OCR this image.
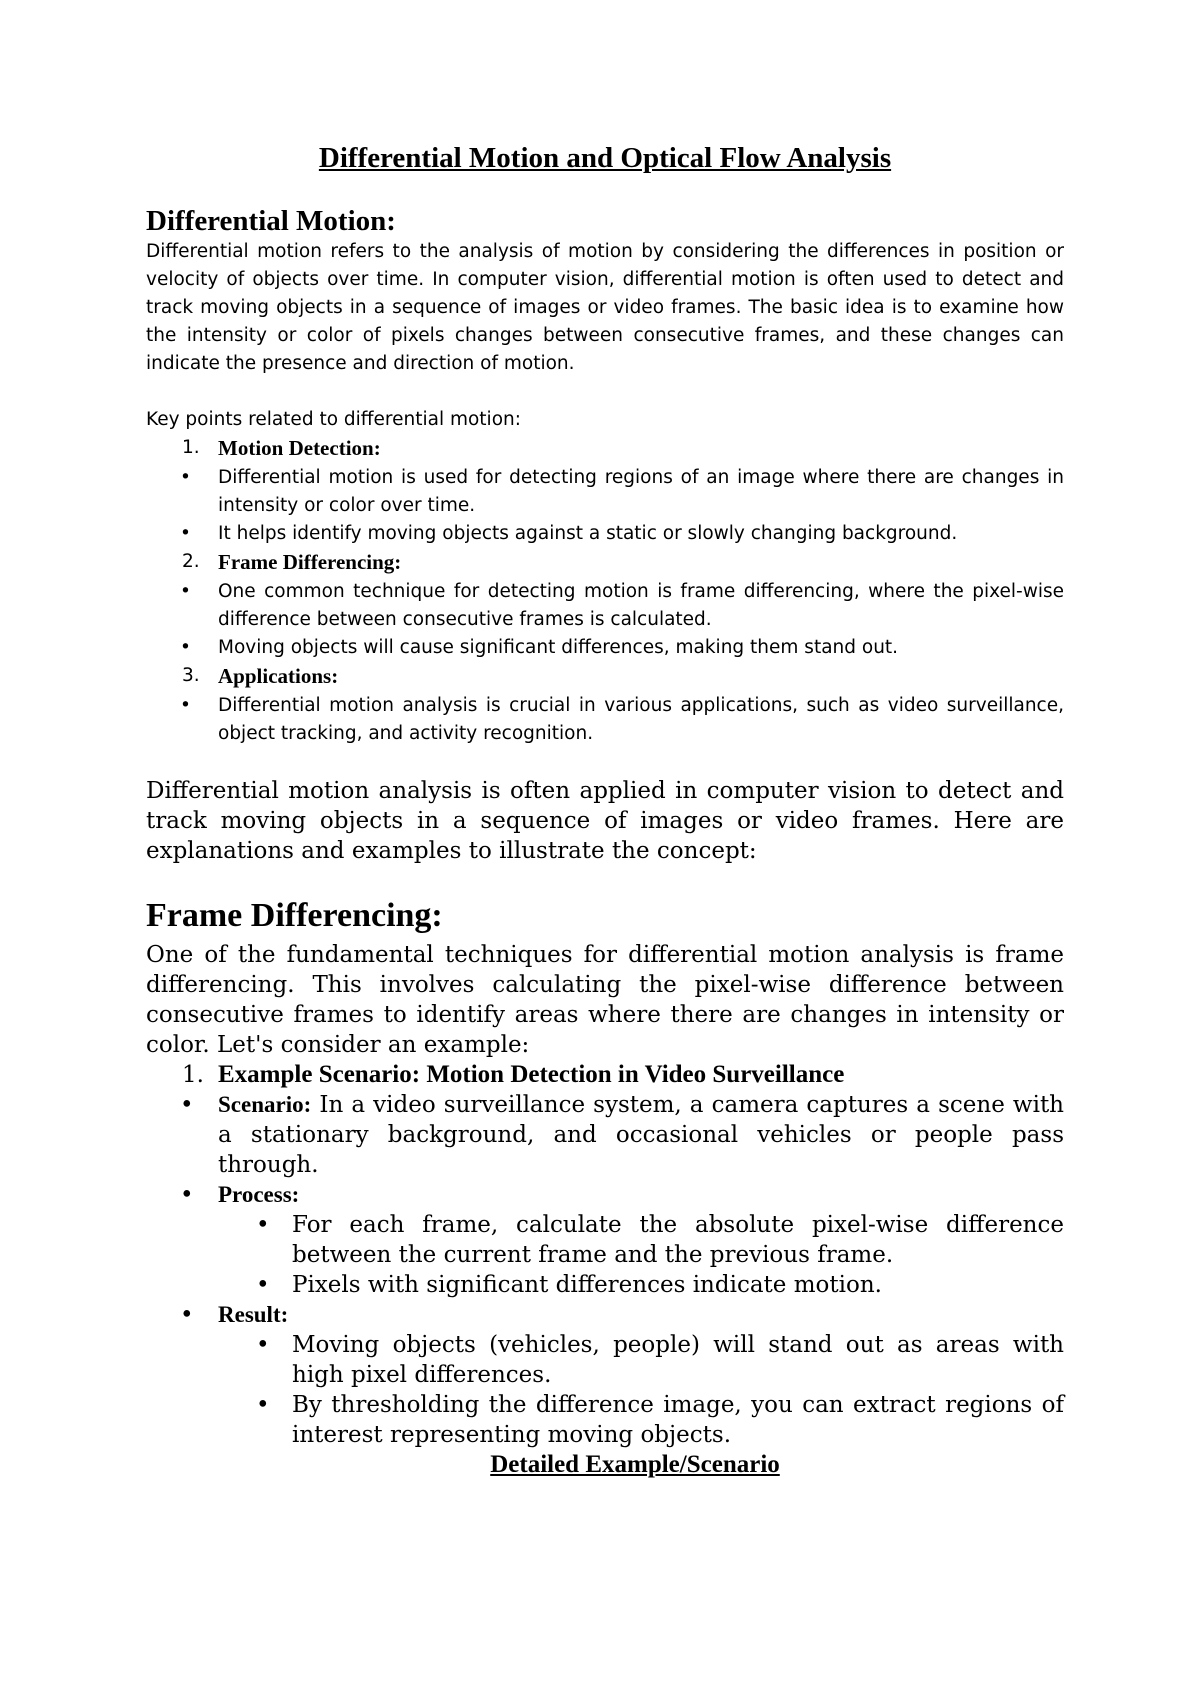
Differential Motion and Optical Flow Analysis
Differential Motion:

Differential motion refers to the analysis of motion by considering the differences in position or velocity of objects over time. In computer vision, differential motion is often used to detect and track moving objects in a sequence of images or video frames. The basic idea is to examine how the intensity or color of pixels changes between consecutive frames, and these changes can indicate the presence and direction of motion.

Key points related to differential motion:

1. Motion Detection:
• Differential motion is used for detecting regions of an image where there are changes in intensity or color over time.
• It helps identify moving objects against a static or slowly changing background.
2. Frame Differencing:
• One common technique for detecting motion is frame differencing, where the pixel-wise difference between consecutive frames is calculated.
• Moving objects will cause significant differences, making them stand out.
3. Applications:
• Differential motion analysis is crucial in various applications, such as video surveillance, object tracking, and activity recognition.

Differential motion analysis is often applied in computer vision to detect and track moving objects in a sequence of images or video frames. Here are explanations and examples to illustrate the concept:

Frame Differencing:

One of the fundamental techniques for differential motion analysis is frame differencing. This involves calculating the pixel-wise difference between consecutive frames to identify areas where there are changes in intensity or color. Let's consider an example:

1. Example Scenario: Motion Detection in Video Surveillance
• Scenario: In a video surveillance system, a camera captures a scene with a stationary background, and occasional vehicles or people pass through.
• Process:
• For each frame, calculate the absolute pixel-wise difference between the current frame and the previous frame.
• Pixels with significant differences indicate motion.
• Result:
• Moving objects (vehicles, people) will stand out as areas with high pixel differences.
• By thresholding the difference image, you can extract regions of interest representing moving objects.
Detailed Example/Scenario
